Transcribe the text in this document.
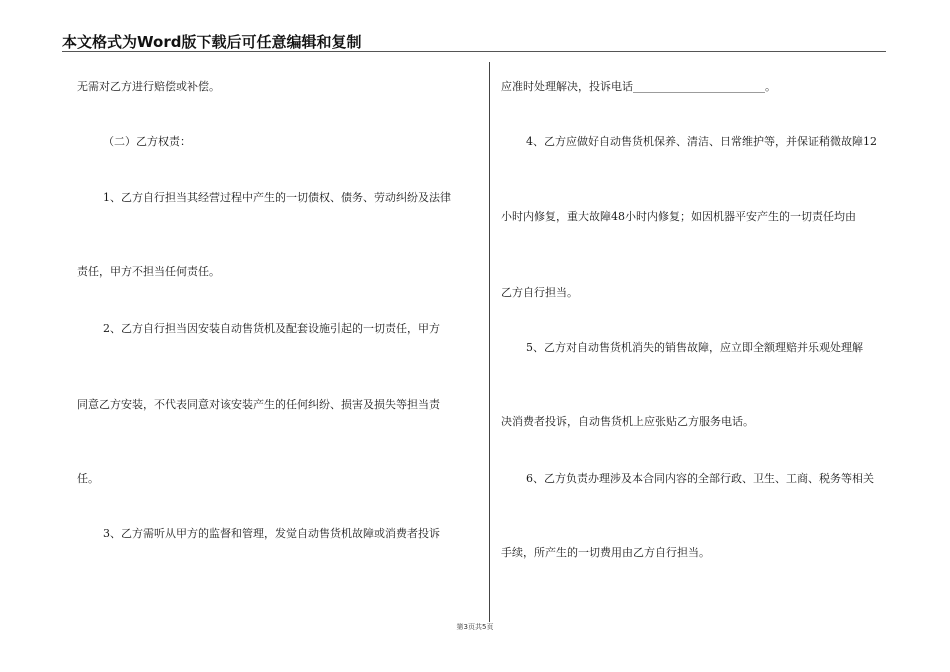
本文格式为Word版下载后可任意编辑和复制
无需对乙方进行赔偿或补偿。
（二）乙方权责：
1、乙方自行担当其经营过程中产生的一切债权、债务、劳动纠纷及法律
责任，甲方不担当任何责任。
2、乙方自行担当因安装自动售货机及配套设施引起的一切责任，甲方
同意乙方安装，不代表同意对该安装产生的任何纠纷、损害及损失等担当责
任。
3、乙方需听从甲方的监督和管理，发觉自动售货机故障或消费者投诉
应准时处理解决，投诉电话________________________。
4、乙方应做好自动售货机保养、清洁、日常维护等，并保证稍微故障12
小时内修复，重大故障48小时内修复；如因机器平安产生的一切责任均由
乙方自行担当。
5、乙方对自动售货机消失的销售故障，应立即全额理赔并乐观处理解
决消费者投诉，自动售货机上应张贴乙方服务电话。
6、乙方负责办理涉及本合同内容的全部行政、卫生、工商、税务等相关
手续，所产生的一切费用由乙方自行担当。
第3页共5页
